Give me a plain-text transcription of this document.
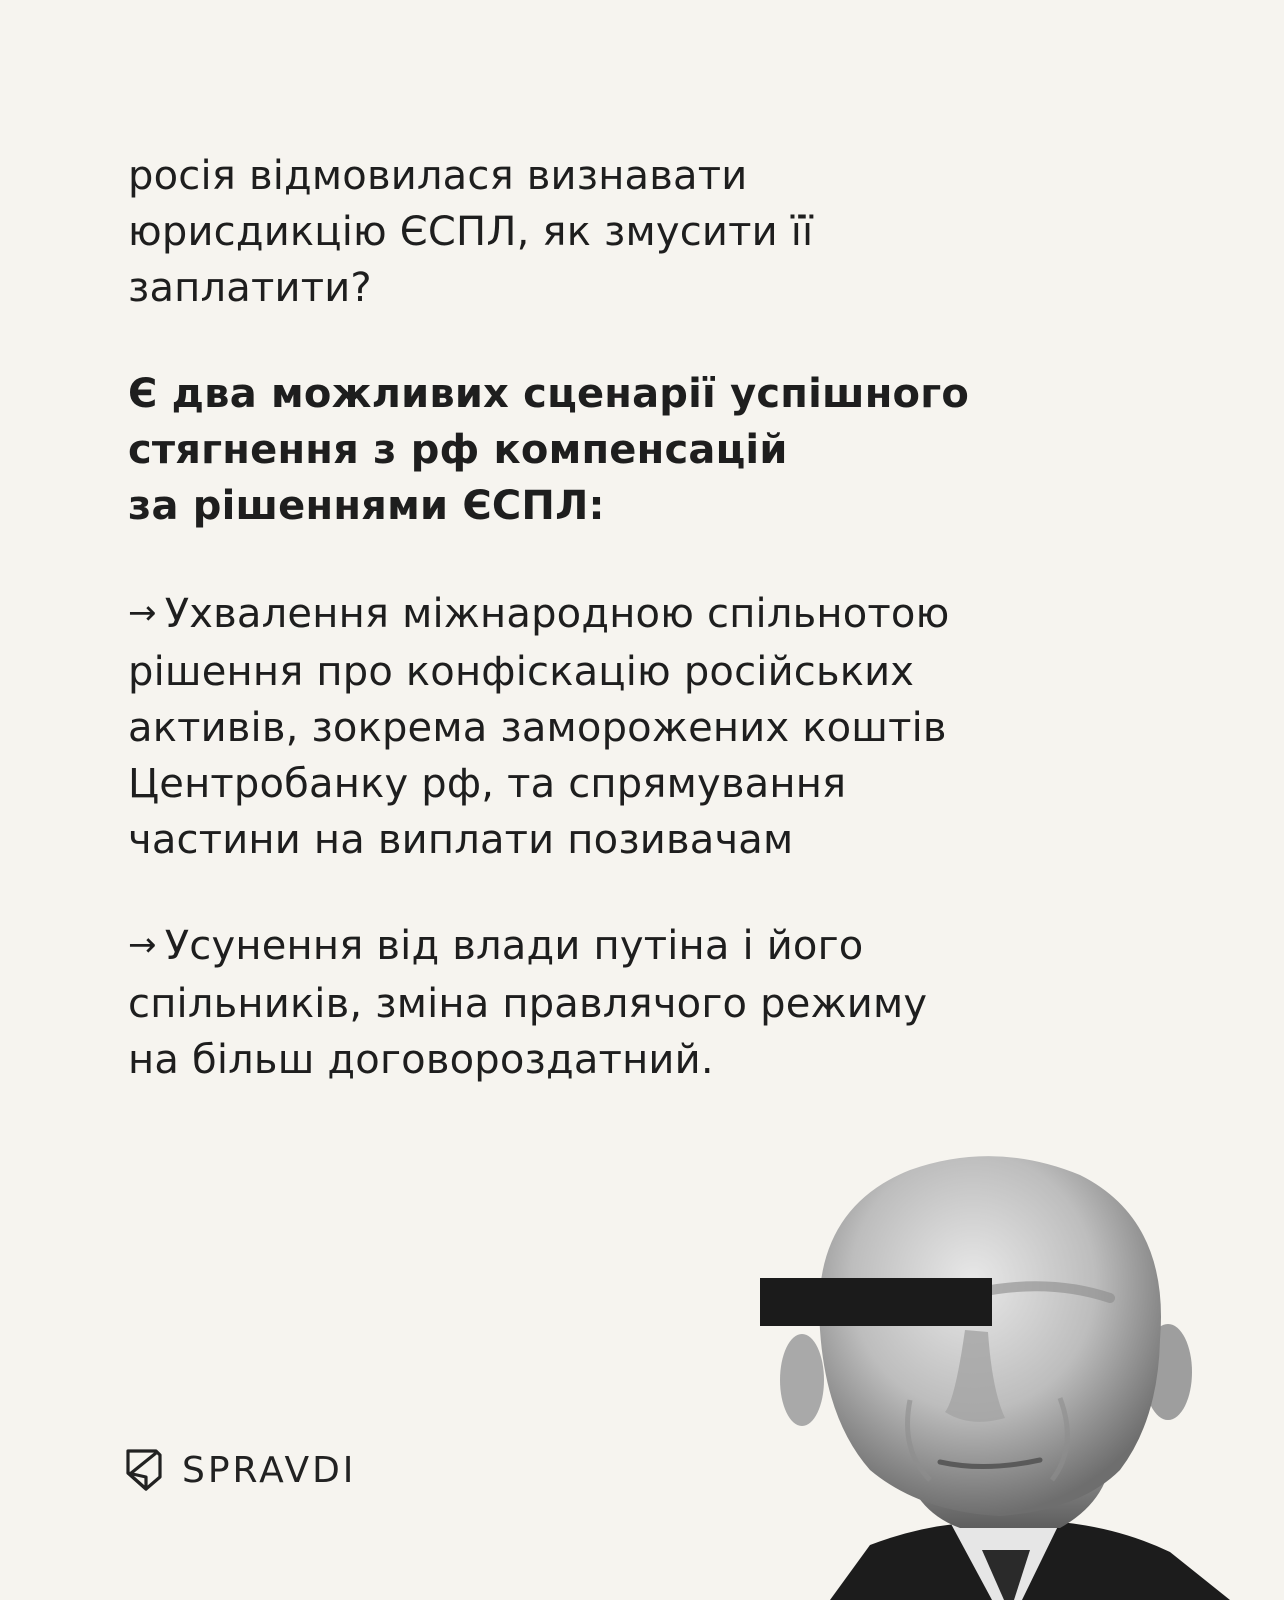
росія відмовилася визнавати
юрисдикцію ЄСПЛ, як змусити її
заплатити?

Є два можливих сценарії успішного
стягнення з рф компенсацій
за рішеннями ЄСПЛ:

→ Ухвалення міжнародною спільнотою
рішення про конфіскацію російських
активів, зокрема заморожених коштів
Центробанку рф, та спрямування
частини на виплати позивачам

→ Усунення від влади путіна і його
спільників, зміна правлячого режиму
на більш договороздатний.

SPRAVDI
